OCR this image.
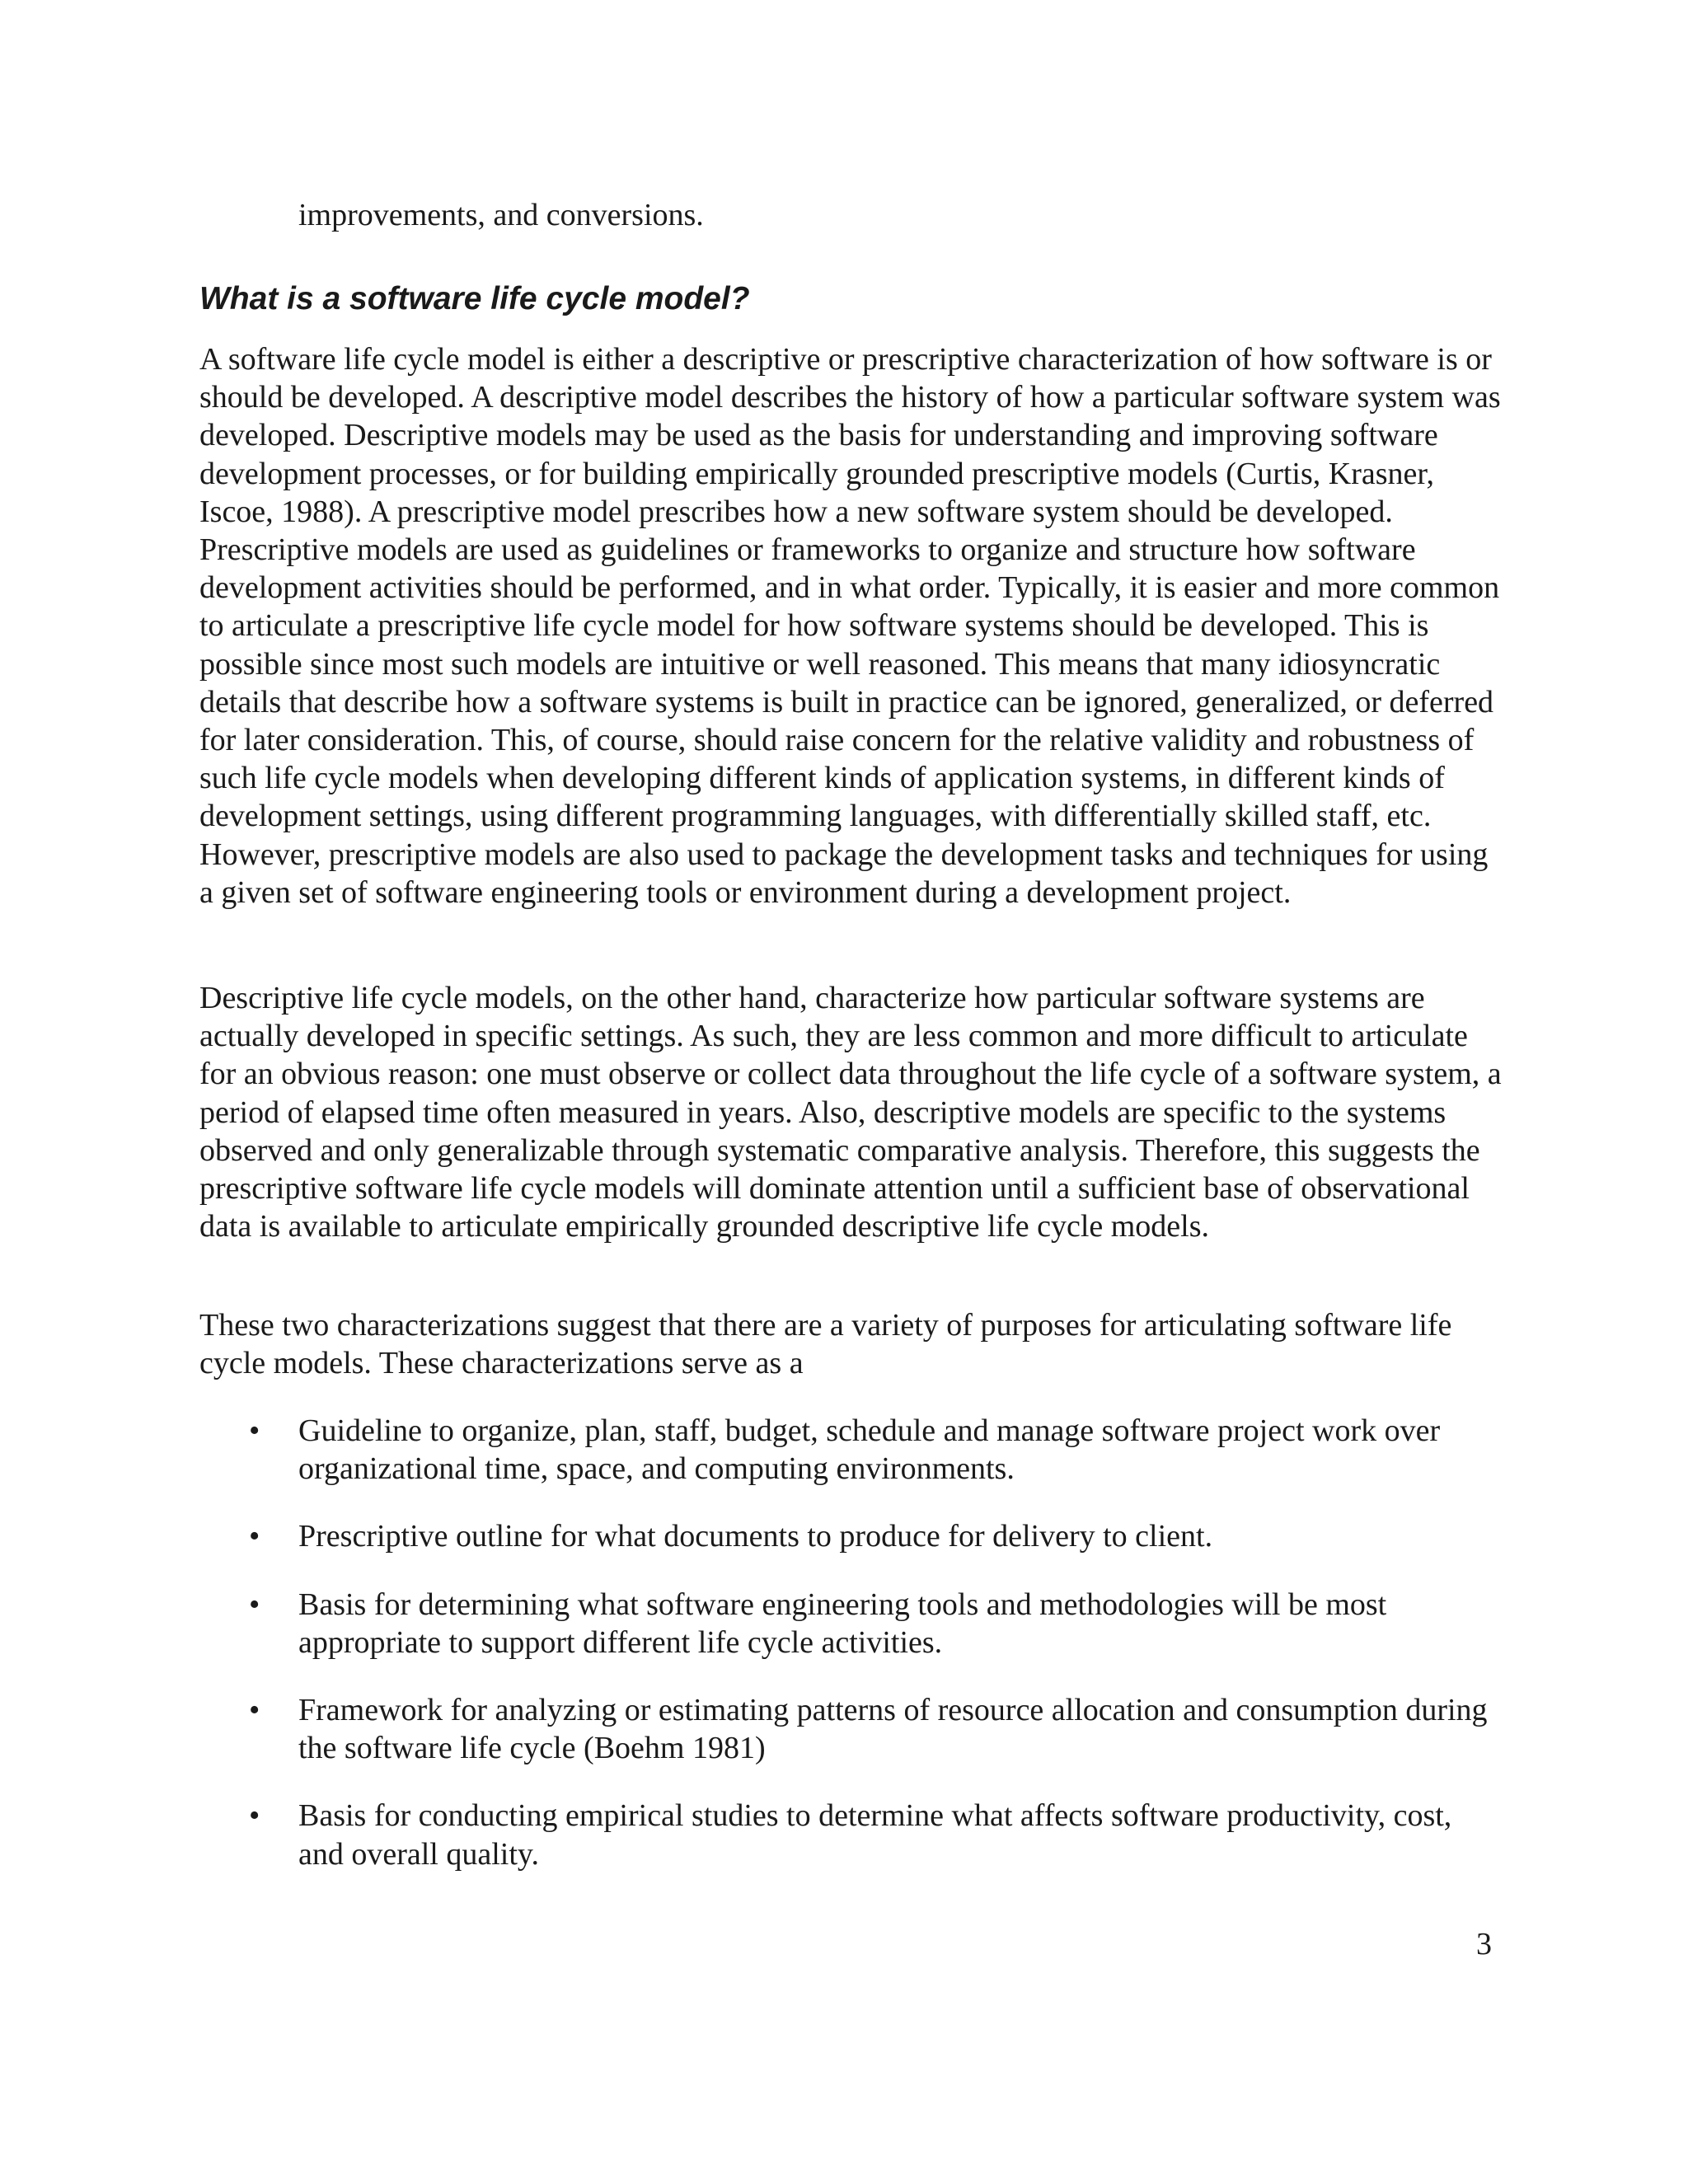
improvements, and conversions.

What is a software life cycle model?

A software life cycle model is either a descriptive or prescriptive characterization of how software is or should be developed. A descriptive model describes the history of how a particular software system was developed. Descriptive models may be used as the basis for understanding and improving software development processes, or for building empirically grounded prescriptive models (Curtis, Krasner, Iscoe, 1988). A prescriptive model prescribes how a new software system should be developed. Prescriptive models are used as guidelines or frameworks to organize and structure how software development activities should be performed, and in what order. Typically, it is easier and more common to articulate a prescriptive life cycle model for how software systems should be developed. This is possible since most such models are intuitive or well reasoned. This means that many idiosyncratic details that describe how a software systems is built in practice can be ignored, generalized, or deferred for later consideration. This, of course, should raise concern for the relative validity and robustness of such life cycle models when developing different kinds of application systems, in different kinds of development settings, using different programming languages, with differentially skilled staff, etc. However, prescriptive models are also used to package the development tasks and techniques for using a given set of software engineering tools or environment during a development project.

Descriptive life cycle models, on the other hand, characterize how particular software systems are actually developed in specific settings. As such, they are less common and more difficult to articulate for an obvious reason: one must observe or collect data throughout the life cycle of a software system, a period of elapsed time often measured in years. Also, descriptive models are specific to the systems observed and only generalizable through systematic comparative analysis. Therefore, this suggests the prescriptive software life cycle models will dominate attention until a sufficient base of observational data is available to articulate empirically grounded descriptive life cycle models.

These two characterizations suggest that there are a variety of purposes for articulating software life cycle models. These characterizations serve as a

• Guideline to organize, plan, staff, budget, schedule and manage software project work over organizational time, space, and computing environments.
• Prescriptive outline for what documents to produce for delivery to client.
• Basis for determining what software engineering tools and methodologies will be most appropriate to support different life cycle activities.
• Framework for analyzing or estimating patterns of resource allocation and consumption during the software life cycle (Boehm 1981)
• Basis for conducting empirical studies to determine what affects software productivity, cost, and overall quality.

3
